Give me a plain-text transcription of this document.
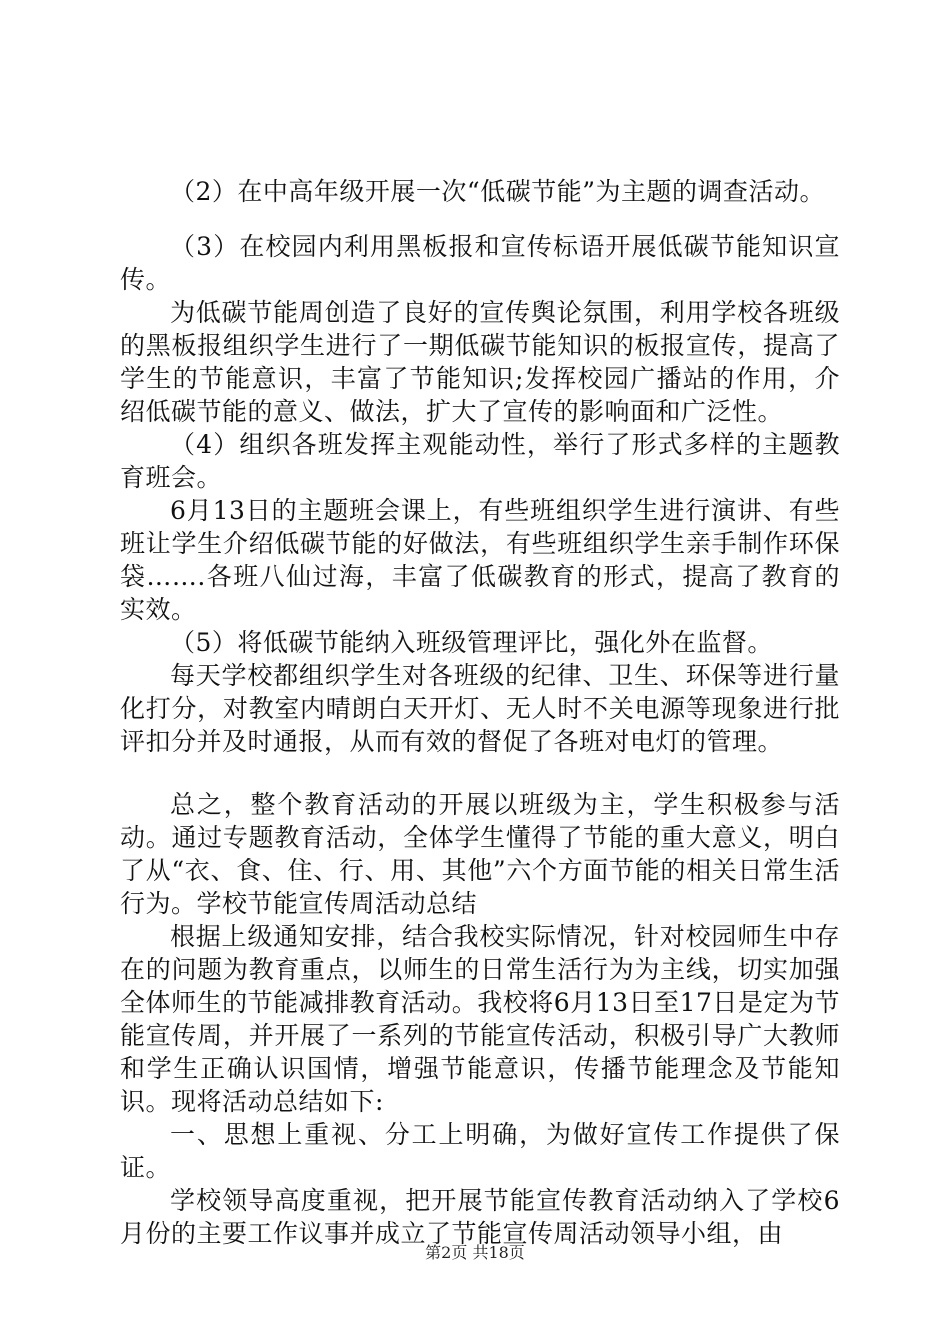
（2）在中高年级开展一次“低碳节能”为主题的调查活动。

（3）在校园内利用黑板报和宣传标语开展低碳节能知识宣传。

为低碳节能周创造了良好的宣传舆论氛围，利用学校各班级的黑板报组织学生进行了一期低碳节能知识的板报宣传，提高了学生的节能意识，丰富了节能知识;发挥校园广播站的作用，介绍低碳节能的意义、做法，扩大了宣传的影响面和广泛性。

（4）组织各班发挥主观能动性，举行了形式多样的主题教育班会。

6月13日的主题班会课上，有些班组织学生进行演讲、有些班让学生介绍低碳节能的好做法，有些班组织学生亲手制作环保袋…….各班八仙过海，丰富了低碳教育的形式，提高了教育的实效。

（5）将低碳节能纳入班级管理评比，强化外在监督。

每天学校都组织学生对各班级的纪律、卫生、环保等进行量化打分，对教室内晴朗白天开灯、无人时不关电源等现象进行批评扣分并及时通报，从而有效的督促了各班对电灯的管理。

总之，整个教育活动的开展以班级为主，学生积极参与活动。通过专题教育活动，全体学生懂得了节能的重大意义，明白了从“衣、食、住、行、用、其他”六个方面节能的相关日常生活行为。学校节能宣传周活动总结

根据上级通知安排，结合我校实际情况，针对校园师生中存在的问题为教育重点，以师生的日常生活行为为主线，切实加强全体师生的节能减排教育活动。我校将6月13日至17日是定为节能宣传周，并开展了一系列的节能宣传活动，积极引导广大教师和学生正确认识国情，增强节能意识，传播节能理念及节能知识。现将活动总结如下:

一、思想上重视、分工上明确，为做好宣传工作提供了保证。

学校领导高度重视，把开展节能宣传教育活动纳入了学校6月份的主要工作议事并成立了节能宣传周活动领导小组，由

第2页 共18页
